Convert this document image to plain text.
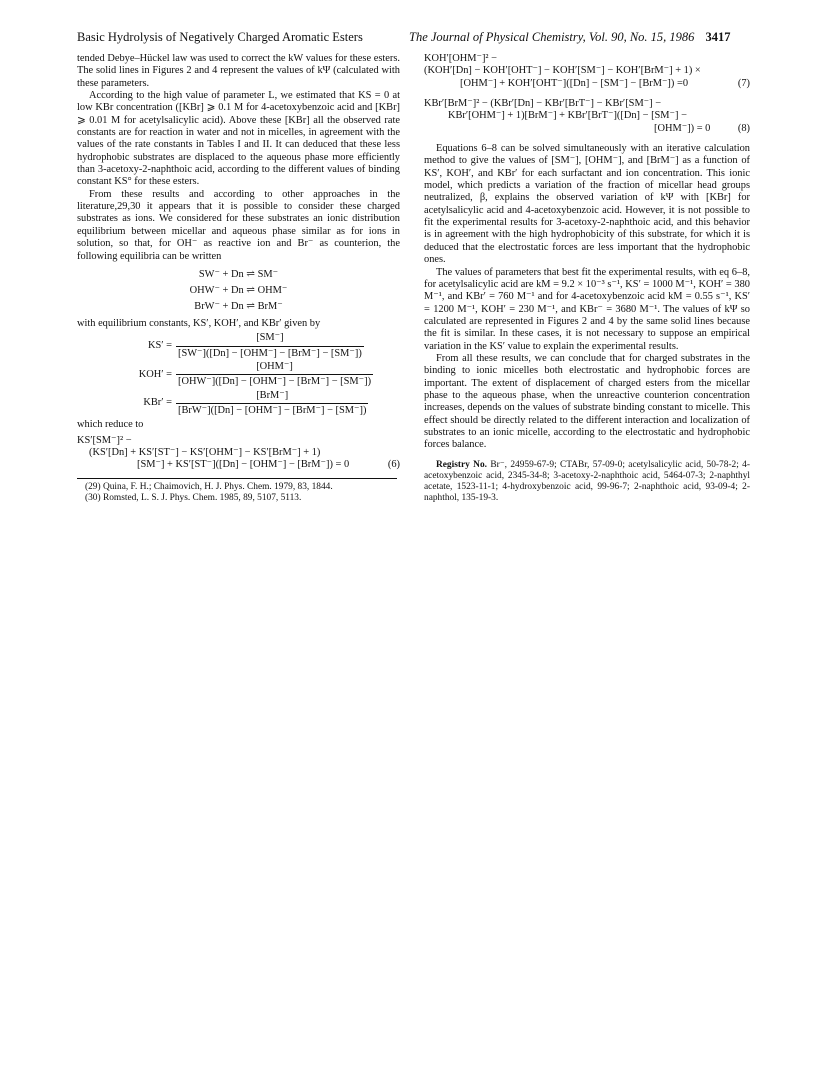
Basic Hydrolysis of Negatively Charged Aromatic Esters	The Journal of Physical Chemistry, Vol. 90, No. 15, 1986 3417

tended Debye–Hückel law was used to correct the kW values for these esters. The solid lines in Figures 2 and 4 represent the values of kΨ (calculated with these parameters.

According to the high value of parameter L, we estimated that KS = 0 at low KBr concentration ([KBr] ⩾ 0.1 M for 4-acetoxybenzoic acid and [KBr] ⩾ 0.01 M for acetylsalicylic acid). Above these [KBr] all the observed rate constants are for reaction in water and not in micelles, in agreement with the values of the rate constants in Tables I and II. It can deduced that these less hydrophobic substrates are displaced to the aqueous phase more efficiently than 3-acetoxy-2-naphthoic acid, according to the different values of binding constant KS° for these esters.

From these results and according to other approaches in the literature,29,30 it appears that it is possible to consider these charged substrates as ions. We considered for these substrates an ionic distribution equilibrium between micellar and aqueous phase similar as for ions in solution, so that, for OH⁻ as reactive ion and Br⁻ as counterion, the following equilibria can be written

SW⁻ + Dn ⇌ SM⁻
OHW⁻ + Dn ⇌ OHM⁻
BrW⁻ + Dn ⇌ BrM⁻

with equilibrium constants, KS′, KOH′, and KBr′ given by

$KS' = \frac{[SM^-]}{\text{[SW⁻]([Dn] − [OHM⁻] − [BrM⁻] − [SM⁻])}}$
$KOH' = \frac{\text{[OHM⁻]}}{\text{[OHW⁻]([Dn] − [OHM⁻] − [BrM⁻] − [SM⁻])}}$
$KBr' = \frac{\text{[BrM⁻]}}{\text{[BrW⁻]([Dn] − [OHM⁻] − [BrM⁻] − [SM⁻])}}$

which reduce to

KS′[SM⁻]² −
(KS′[Dn] + KS′[ST⁻] − KS′[OHM⁻] − KS′[BrM⁻] + 1)
[SM⁻] + KS′[ST⁻]([Dn] − [OHM⁻] − [BrM⁻]) = 0	(6)
(29) Quina, F. H.; Chaimovich, H. J. Phys. Chem. 1979, 83, 1844.
(30) Romsted, L. S. J. Phys. Chem. 1985, 89, 5107, 5113.
KOH′[OHM⁻]² −
(KOH′[Dn] − KOH′[OHT⁻] − KOH′[SM⁻] − KOH′[BrM⁻] + 1) ×
[OHM⁻] + KOH′[OHT⁻]([Dn] − [SM⁻] − [BrM⁻]) =0	(7)
KBr′[BrM⁻]² − (KBr′[Dn] − KBr′[BrT⁻] − KBr′[SM⁻] −
KBr′[OHM⁻] + 1)[BrM⁻] + KBr′[BrT⁻]([Dn] − [SM⁻] −
[OHM⁻]) = 0	(8)

Equations 6–8 can be solved simultaneously with an iterative calculation method to give the values of [SM⁻], [OHM⁻], and [BrM⁻] as a function of KS′, KOH′, and KBr′ for each surfactant and ion concentration. This ionic model, which predicts a variation of the fraction of micellar head groups neutralized, β, explains the observed variation of kΨ with [KBr] for acetylsalicylic acid and 4-acetoxybenzoic acid. However, it is not possible to fit the experimental results for 3-acetoxy-2-naphthoic acid, and this behavior is in agreement with the high hydrophobicity of this substrate, for which it is deduced that the electrostatic forces are less important that the hydrophobic ones.

The values of parameters that best fit the experimental results, with eq 6–8, for acetylsalicylic acid are kM = 9.2 × 10⁻³ s⁻¹, KS′ = 1000 M⁻¹, KOH′ = 380 M⁻¹, and KBr′ = 760 M⁻¹ and for 4-acetoxybenzoic acid kM = 0.55 s⁻¹, KS′ = 1200 M⁻¹, KOH′ = 230 M⁻¹, and KBr⁻ = 3680 M⁻¹. The values of kΨ so calculated are represented in Figures 2 and 4 by the same solid lines because the fit is similar. In these cases, it is not necessary to suppose an empirical variation in the KS′ value to explain the experimental results.

From all these results, we can conclude that for charged substrates in the binding to ionic micelles both electrostatic and hydrophobic forces are important. The extent of displacement of charged esters from the micellar phase to the aqueous phase, when the unreactive counterion concentration increases, depends on the values of substrate binding constant to micelle. This effect should be directly related to the different interaction and localization of substrates to an ionic micelle, according to the electrostatic and hydrophobic forces balance.

Registry No. Br⁻, 24959-67-9; CTABr, 57-09-0; acetylsalicylic acid, 50-78-2; 4-acetoxybenzoic acid, 2345-34-8; 3-acetoxy-2-naphthoic acid, 5464-07-3; 2-naphthyl acetate, 1523-11-1; 4-hydroxybenzoic acid, 99-96-7; 2-naphthoic acid, 93-09-4; 2-naphthol, 135-19-3.
